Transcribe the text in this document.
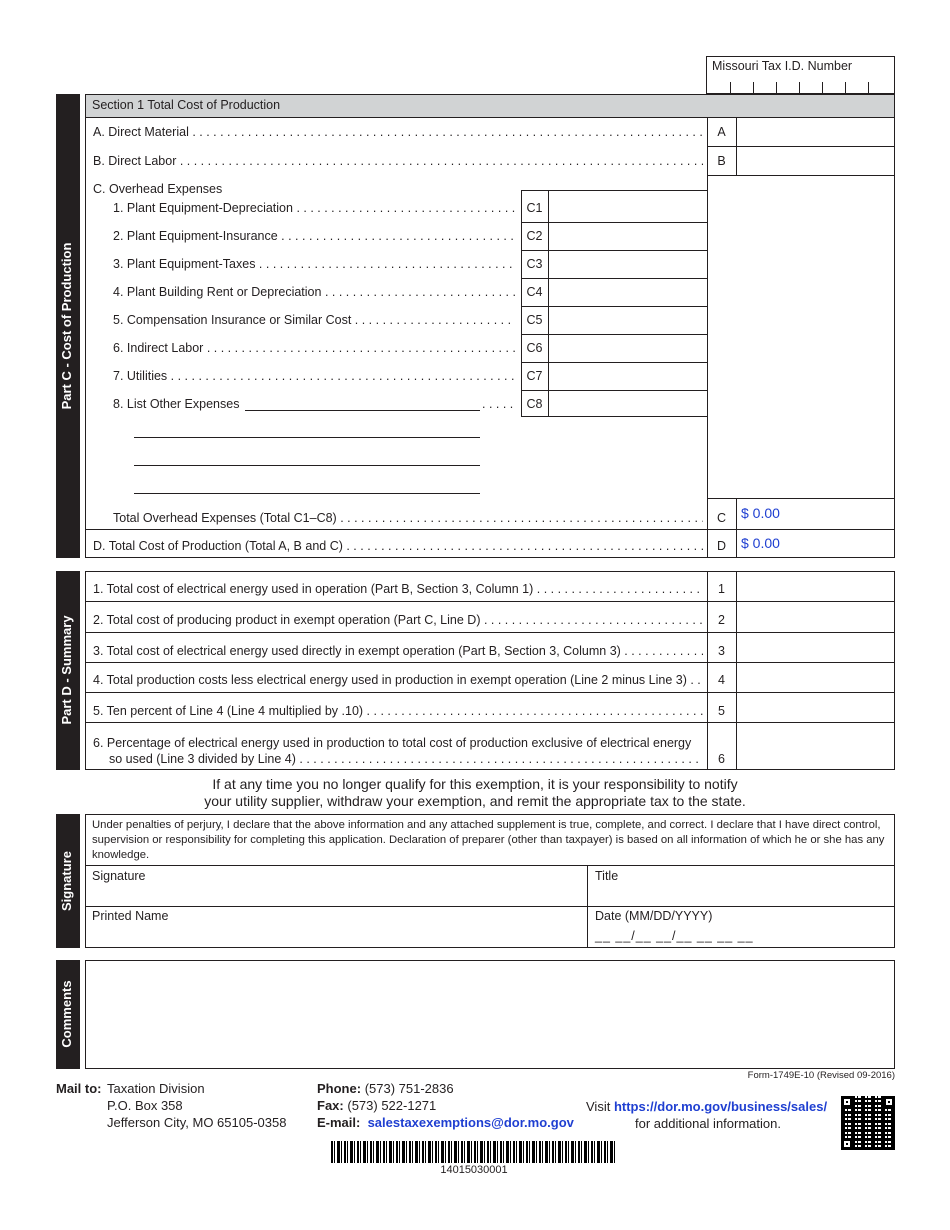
Missouri Tax I.D. Number
Part C - Cost of Production
Section 1 Total Cost of Production
A. Direct Material . . .	A
B. Direct Labor . . .	B
C. Overhead Expenses
1. Plant Equipment-Depreciation . . .	C1
2. Plant Equipment-Insurance . . .	C2
3. Plant Equipment-Taxes . . .	C3
4. Plant Building Rent or Depreciation . . .	C4
5. Compensation Insurance or Similar Cost . . .	C5
6. Indirect Labor . . .	C6
7. Utilities . . .	C7
8. List Other Expenses	. . . . .	C8
Total Overhead Expenses (Total C1–C8) . . .	C	$ 0.00
D. Total Cost of Production (Total A, B and C) . . .	D	$ 0.00
Part D - Summary
1. Total cost of electrical energy used in operation (Part B, Section 3, Column 1) . . .	1
2. Total cost of producing product in exempt operation (Part C, Line D) . . .	2
3. Total cost of electrical energy used directly in exempt operation (Part B, Section 3, Column 3) . . .	3
4. Total production costs less electrical energy used in production in exempt operation (Line 2 minus Line 3) . . .	4
5. Ten percent of Line 4 (Line 4 multiplied by .10) . . .	5
6. Percentage of electrical energy used in production to total cost of production exclusive of electrical energy
so used (Line 3 divided by Line 4) . . .	6
If at any time you no longer qualify for this exemption, it is your responsibility to notify
your utility supplier, withdraw your exemption, and remit the appropriate tax to the state.
Signature
Under penalties of perjury, I declare that the above information and any attached supplement is true, complete, and correct. I declare that I have direct control, supervision or responsibility for completing this application. Declaration of preparer (other than taxpayer) is based on all information of which he or she has any knowledge.
Signature	Title
Printed Name	Date (MM/DD/YYYY)
__ __/__ __/__ __ __ __
Comments
Form-1749E-10 (Revised 09-2016)
Mail to: Taxation Division
P.O. Box 358
Jefferson City, MO 65105-0358
Phone: (573) 751-2836
Fax: (573) 522-1271
E-mail: salestaxexemptions@dor.mo.gov
Visit https://dor.mo.gov/business/sales/
for additional information.
14015030001
